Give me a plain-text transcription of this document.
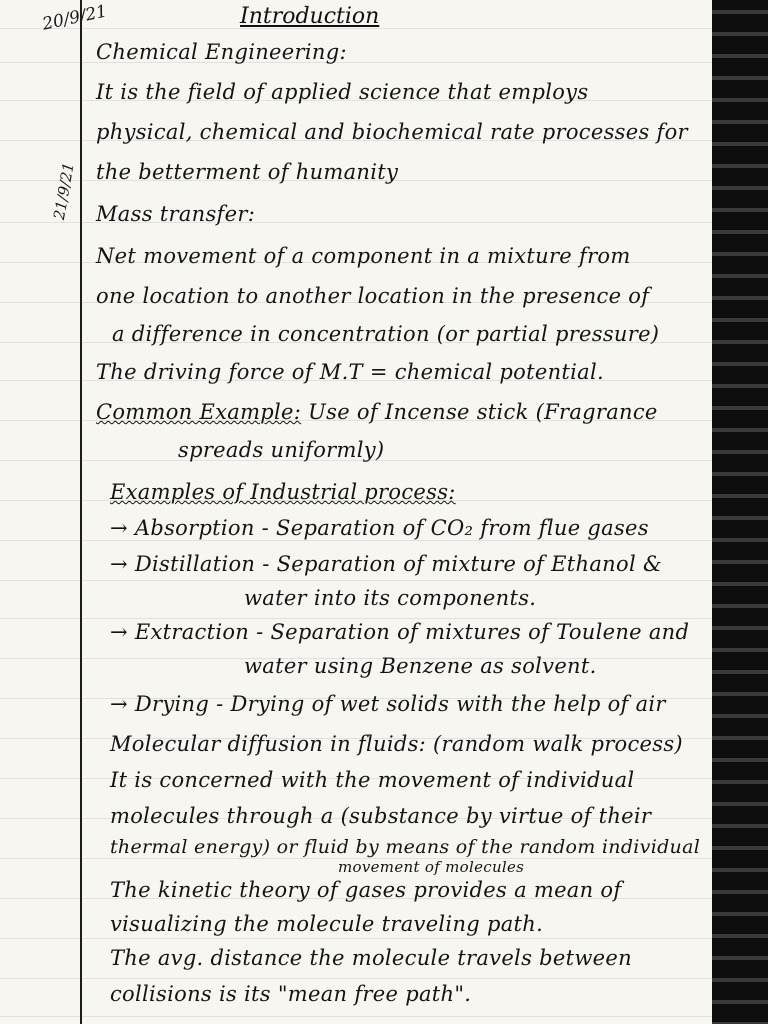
20/9/21	Introduction
21/9/21
Chemical Engineering:
It is the field of applied science that employs
physical, chemical and biochemical rate processes for
the betterment of humanity
Mass transfer:
Net movement of a component in a mixture from
one location to another location in the presence of
a difference in concentration (or partial pressure)
The driving force of M.T = chemical potential.
Common Example: Use of Incense stick (Fragrance
spreads uniformly)
Examples of Industrial process:
→ Absorption - Separation of CO₂ from flue gases
→ Distillation - Separation of mixture of Ethanol &
water into its components.
→ Extraction - Separation of mixtures of Toulene and
water using Benzene as solvent.
→ Drying - Drying of wet solids with the help of air
Molecular diffusion in fluids: (random walk process)
It is concerned with the movement of individual
molecules through a (substance by virtue of their
thermal energy) or fluid by means of the random individual
movement of molecules
The kinetic theory of gases provides a mean of
visualizing the molecule traveling path.
The avg. distance the molecule travels between
collisions is its "mean free path".
